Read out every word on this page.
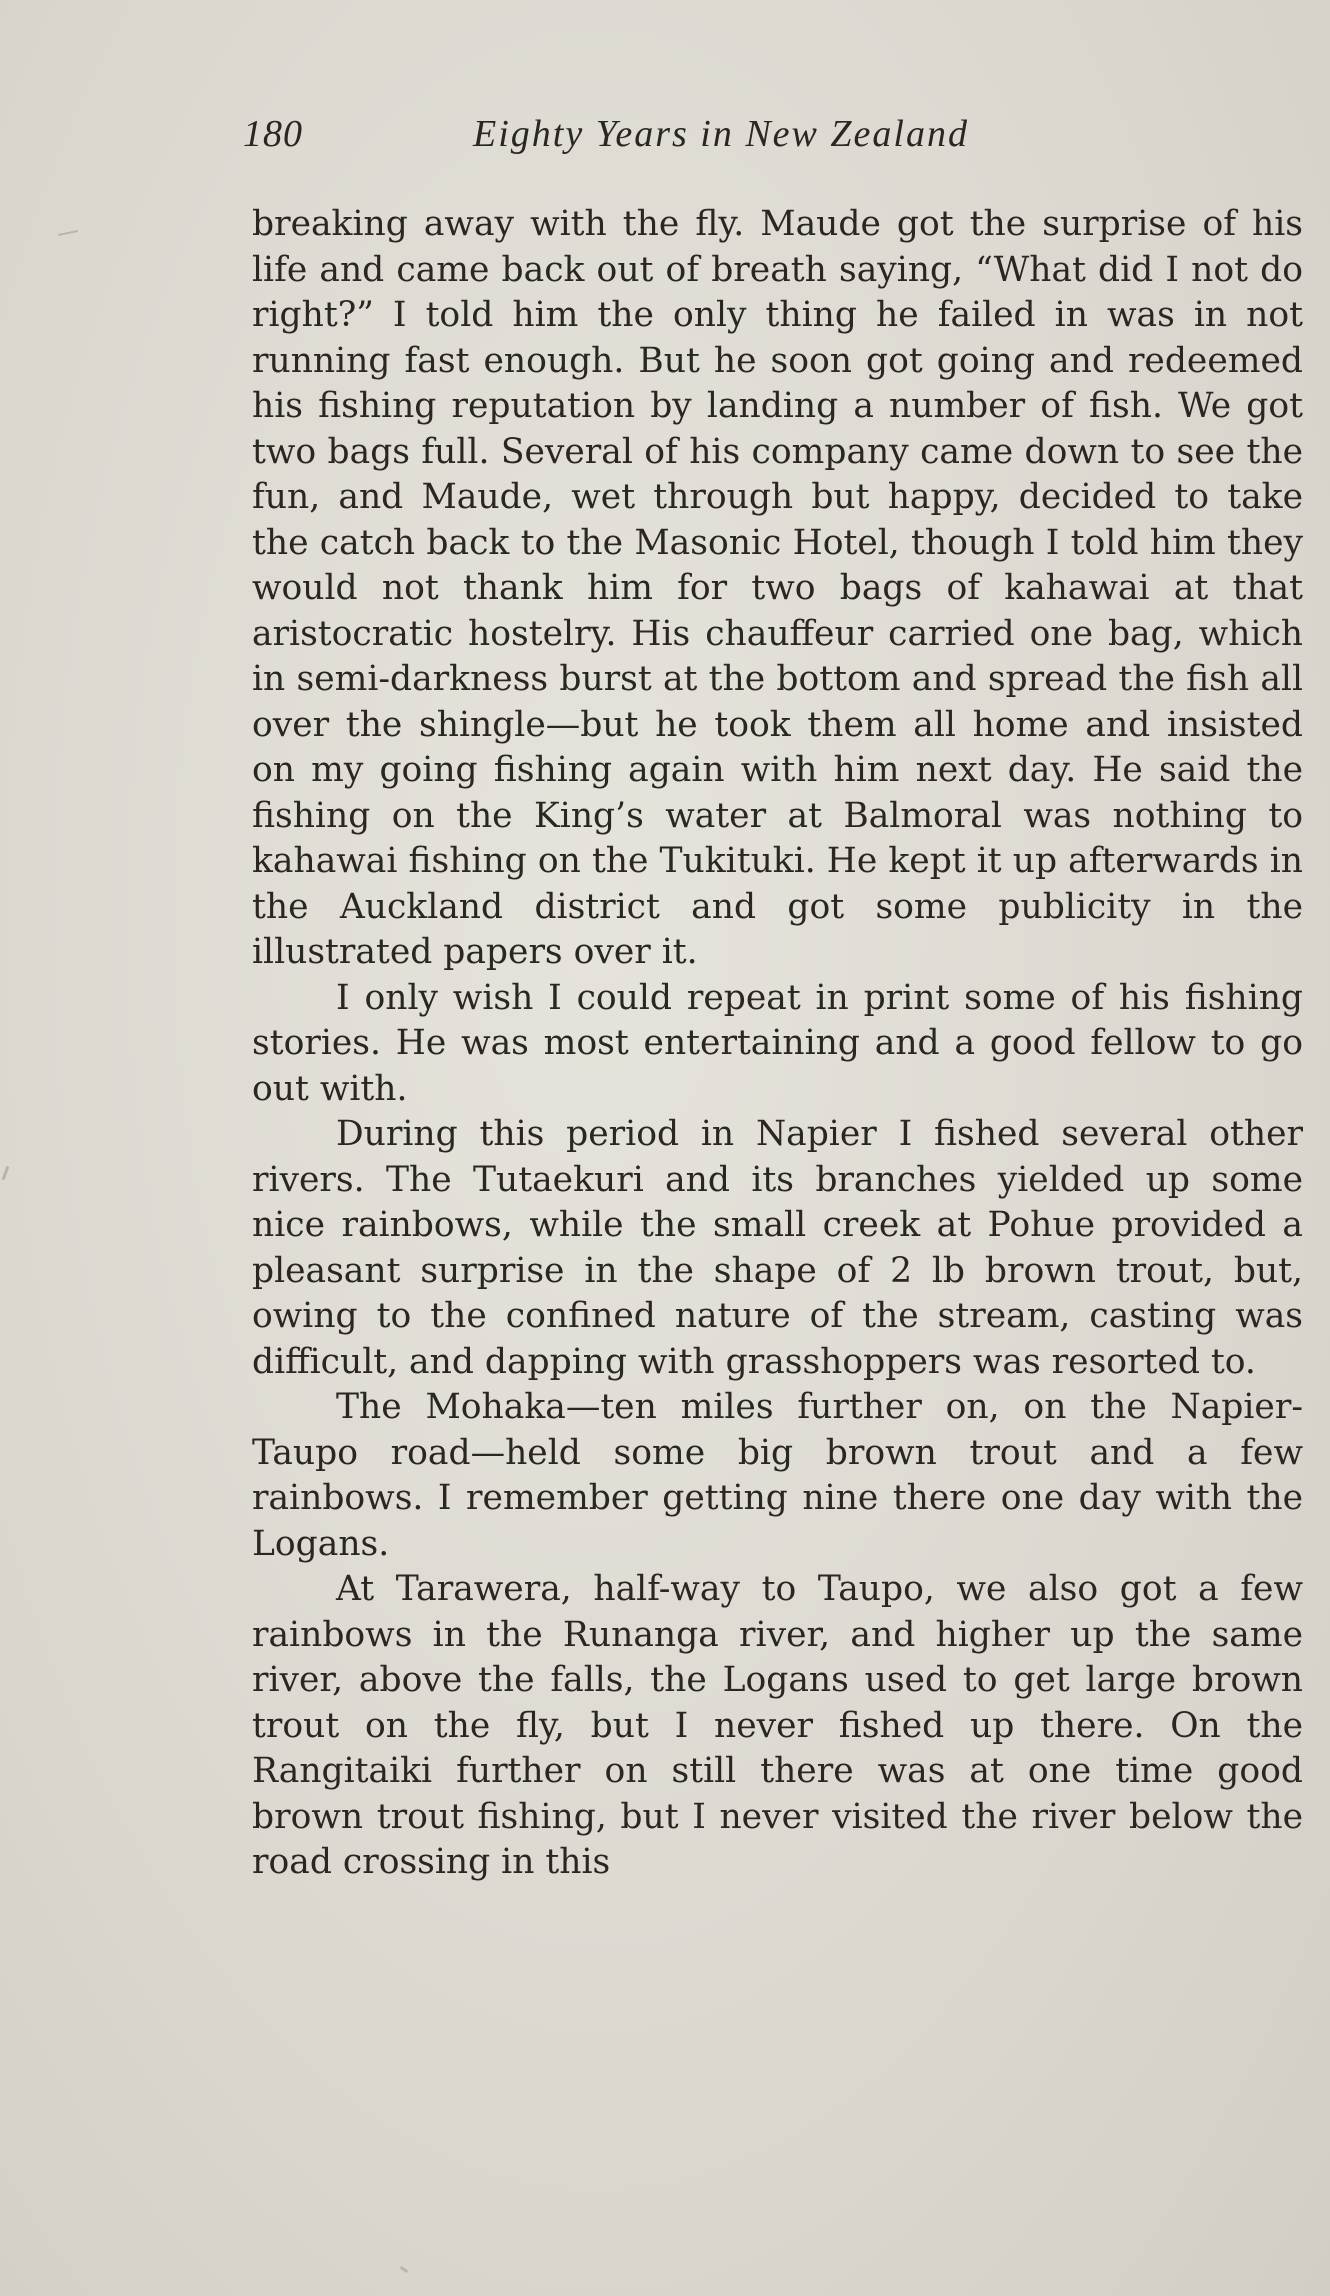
180	Eighty Years in New Zealand

breaking away with the fly. Maude got the surprise of his life and came back out of breath saying, “What did I not do right?” I told him the only thing he failed in was in not running fast enough. But he soon got going and redeemed his fishing reputation by landing a number of fish. We got two bags full. Several of his company came down to see the fun, and Maude, wet through but happy, decided to take the catch back to the Masonic Hotel, though I told him they would not thank him for two bags of kahawai at that aristocratic hostelry. His chauffeur carried one bag, which in semi-darkness burst at the bottom and spread the fish all over the shingle—but he took them all home and insisted on my going fishing again with him next day. He said the fishing on the King’s water at Balmoral was nothing to kahawai fishing on the Tukituki. He kept it up afterwards in the Auckland district and got some publicity in the illustrated papers over it.

I only wish I could repeat in print some of his fishing stories. He was most entertaining and a good fellow to go out with.

During this period in Napier I fished several other rivers. The Tutaekuri and its branches yielded up some nice rainbows, while the small creek at Pohue provided a pleasant surprise in the shape of 2 lb brown trout, but, owing to the confined nature of the stream, casting was difficult, and dapping with grasshoppers was resorted to.

The Mohaka—ten miles further on, on the Napier-Taupo road—held some big brown trout and a few rainbows. I remember getting nine there one day with the Logans.

At Tarawera, half-way to Taupo, we also got a few rainbows in the Runanga river, and higher up the same river, above the falls, the Logans used to get large brown trout on the fly, but I never fished up there. On the Rangitaiki further on still there was at one time good brown trout fishing, but I never visited the river below the road crossing in this
